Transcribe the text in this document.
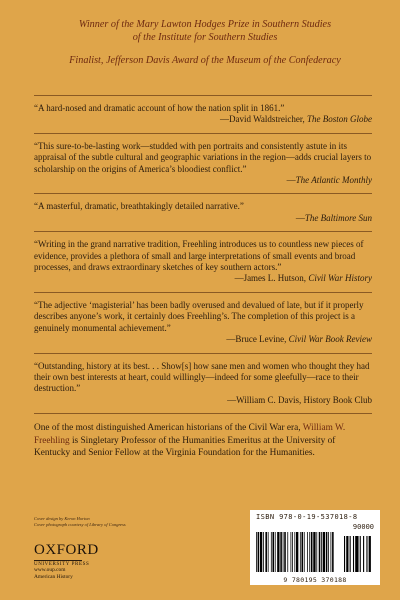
Winner of the Mary Lawton Hodges Prize in Southern Studies
of the Institute for Southern Studies
Finalist, Jefferson Davis Award of the Museum of the Confederacy
“A hard-nosed and dramatic account of how the nation split in 1861.”
—David Waldstreicher, The Boston Globe
“This sure-to-be-lasting work—studded with pen portraits and consistently astute in its appraisal of the subtle cultural and geographic variations in the region—adds crucial layers to scholarship on the origins of America’s bloodiest conflict.”
—The Atlantic Monthly
“A masterful, dramatic, breathtakingly detailed narrative.”
—The Baltimore Sun
“Writing in the grand narrative tradition, Freehling introduces us to countless new pieces of evidence, provides a plethora of small and large interpretations of small events and broad processes, and draws extraordinary sketches of key southern actors.”
—James L. Hutson, Civil War History
“The adjective ‘magisterial’ has been badly overused and devalued of late, but if it properly describes anyone’s work, it certainly does Freehling’s. The completion of this project is a genuinely monumental achievement.”
—Bruce Levine, Civil War Book Review
“Outstanding, history at its best. . . Show[s] how sane men and women who thought they had their own best interests at heart, could willingly—indeed for some gleefully—race to their destruction.”
—William C. Davis, History Book Club
One of the most distinguished American historians of the Civil War era, William W. Freehling is Singletary Professor of the Humanities Emeritus at the University of Kentucky and Senior Fellow at the Virginia Foundation for the Humanities.
Cover design by Keron Horton
Cover photograph courtesy of Library of Congress
OXFORD
UNIVERSITY PRESS
www.oup.com
American History
ISBN 978-0-19-537018-8
90000
9 780195 370188
